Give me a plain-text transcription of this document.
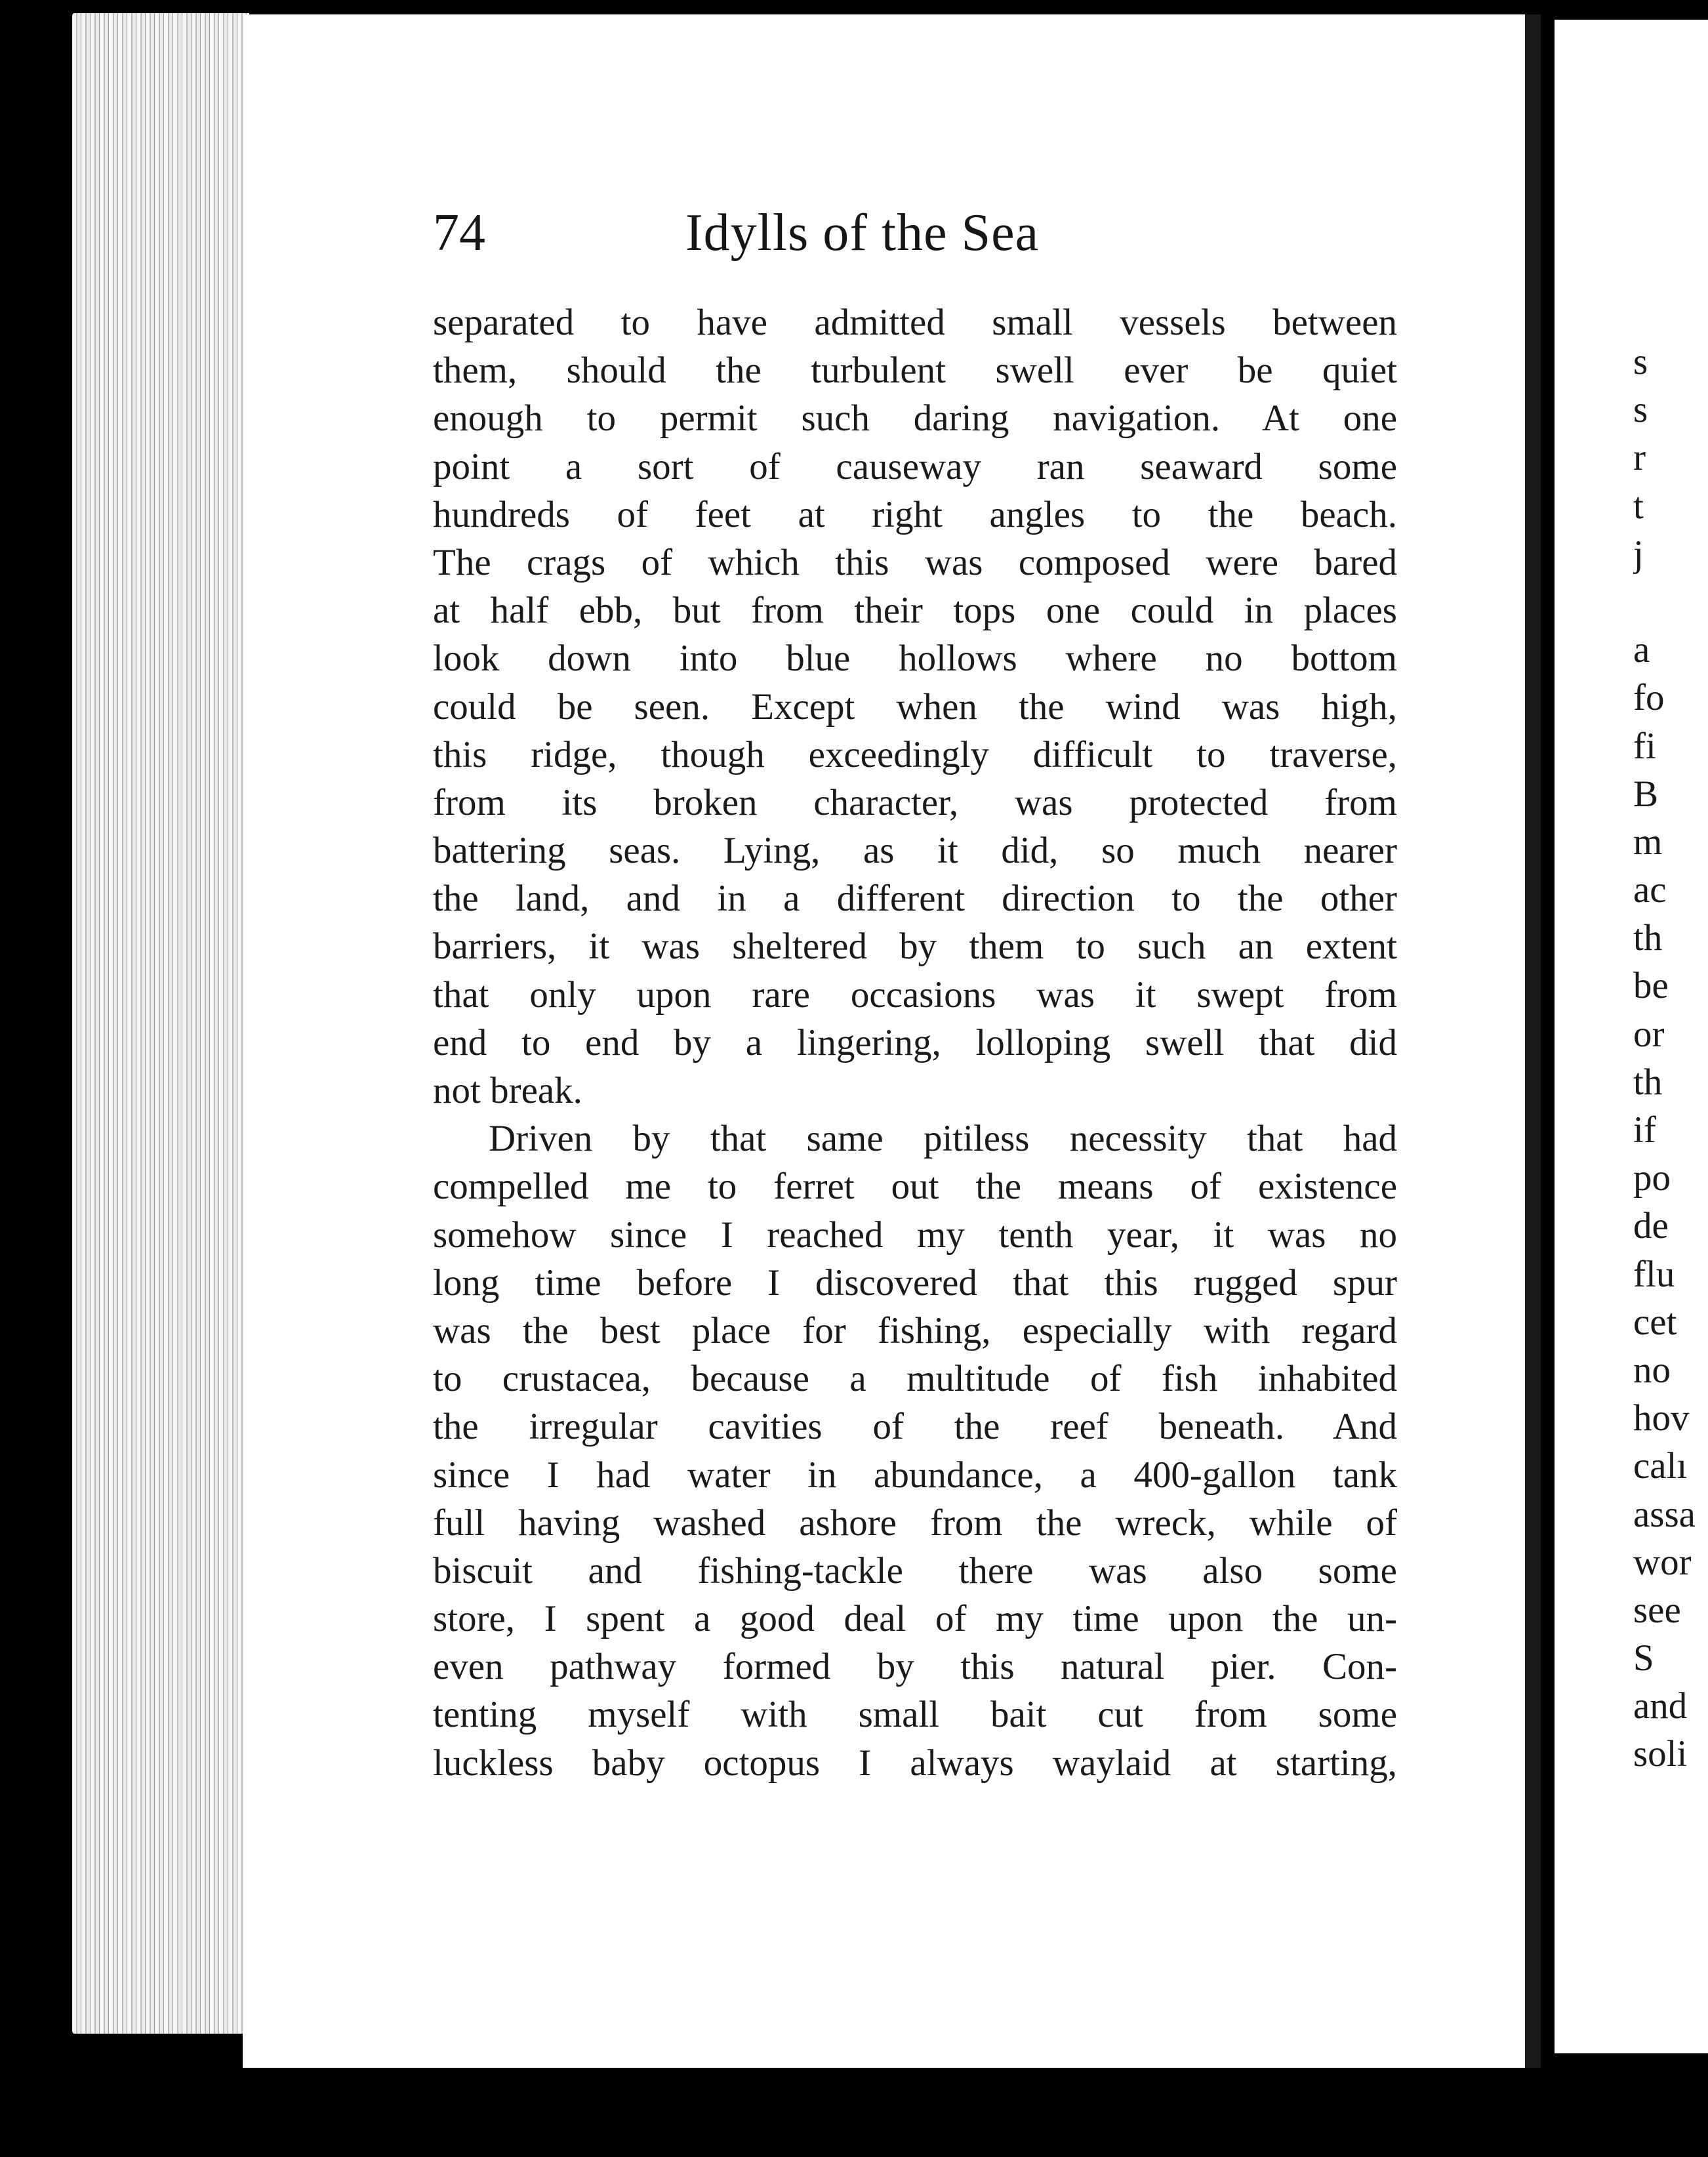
74	Idylls of the Sea
separated to have admitted small vessels between
them, should the turbulent swell ever be quiet
enough to permit such daring navigation. At one
point a sort of causeway ran seaward some
hundreds of feet at right angles to the beach.
The crags of which this was composed were bared
at half ebb, but from their tops one could in places
look down into blue hollows where no bottom
could be seen. Except when the wind was high,
this ridge, though exceedingly difficult to traverse,
from its broken character, was protected from
battering seas. Lying, as it did, so much nearer
the land, and in a different direction to the other
barriers, it was sheltered by them to such an extent
that only upon rare occasions was it swept from
end to end by a lingering, lolloping swell that did
not break.
Driven by that same pitiless necessity that had
compelled me to ferret out the means of existence
somehow since I reached my tenth year, it was no
long time before I discovered that this rugged spur
was the best place for fishing, especially with regard
to crustacea, because a multitude of fish inhabited
the irregular cavities of the reef beneath. And
since I had water in abundance, a 400-gallon tank
full having washed ashore from the wreck, while of
biscuit and fishing-tackle there was also some
store, I spent a good deal of my time upon the un-
even pathway formed by this natural pier. Con-
tenting myself with small bait cut from some
luckless baby octopus I always waylaid at starting,
s
s
r
t
j
a
fo
fi
B
m
ac
th
be
or
th
if
po
de
flu
cet
no
hov
calı
assa
wor
see
S
and
soli
